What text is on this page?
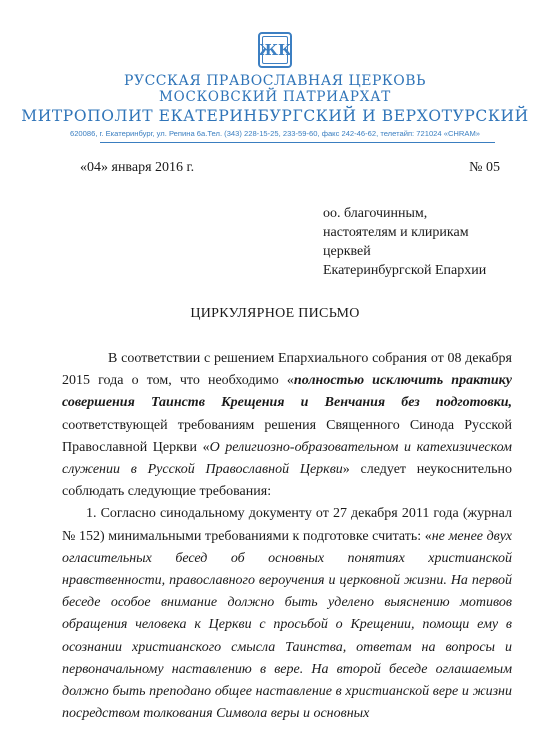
ЖК
РУССКАЯ ПРАВОСЛАВНАЯ ЦЕРКОВЬ
МОСКОВСКИЙ ПАТРИАРХАТ
МИТРОПОЛИТ ЕКАТЕРИНБУРГСКИЙ И ВЕРХОТУРСКИЙ
620086, г. Екатеринбург, ул. Репина 6а.Тел. (343) 228-15-25, 233-59-60, факс 242-46-62, телетайп: 721024 «CHRAM»
«04» января 2016 г.	№ 05
оо. благочинным,
настоятелям и клирикам
церквей
Екатеринбургской Епархии
ЦИРКУЛЯРНОЕ ПИСЬМО

В соответствии с решением Епархиального собрания от 08 декабря 2015 года о том, что необходимо «полностью исключить практику совершения Таинств Крещения и Венчания без подготовки, соответствующей требованиям решения Священного Синода Русской Православной Церкви «О религиозно-образовательном и катехизическом служении в Русской Православной Церкви» следует неукоснительно соблюдать следующие требования:

1. Согласно синодальному документу от 27 декабря 2011 года (журнал № 152) минимальными требованиями к подготовке считать: «не менее двух огласительных бесед об основных понятиях христианской нравственности, православного вероучения и церковной жизни. На первой беседе особое внимание должно быть уделено выяснению мотивов обращения человека к Церкви с просьбой о Крещении, помощи ему в осознании христианского смысла Таинства, ответам на вопросы и первоначальному наставлению в вере. На второй беседе оглашаемым должно быть преподано общее наставление в христианской вере и жизни посредством толкования Символа веры и основных
